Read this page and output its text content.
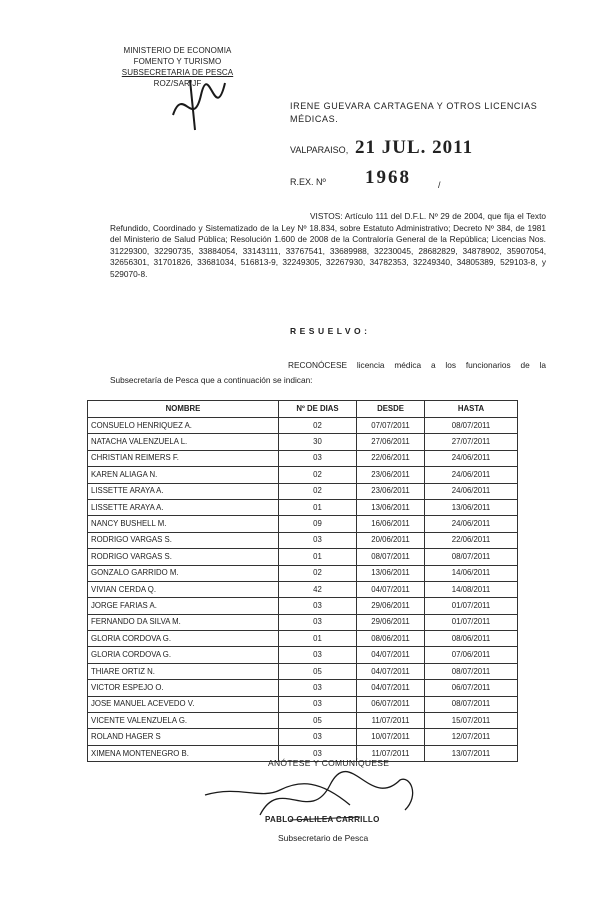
MINISTERIO DE ECONOMIA
FOMENTO Y TURISMO
SUBSECRETARIA DE PESCA
ROZ/SAR/JF
IRENE GUEVARA CARTAGENA Y OTROS LICENCIAS MÉDICAS.
VALPARAISO, 21 JUL. 2011
R.EX. Nº 1968	/

VISTOS: Artículo 111 del D.F.L. Nº 29 de 2004, que fija el Texto Refundido, Coordinado y Sistematizado de la Ley Nº 18.834, sobre Estatuto Administrativo; Decreto Nº 384, de 1981 del Ministerio de Salud Pública; Resolución 1.600 de 2008 de la Contraloría General de la República; Licencias Nos. 31229300, 32290735, 33884054, 33143111, 33767541, 33689988, 32230045, 28682829, 34878902, 35907054, 32656301, 31701826, 33681034, 516813-9, 32249305, 32267930, 34782353, 32249340, 34805389, 529103-8, y 529070-8.

RESUELVO:

RECONÓCESE licencia médica a los funcionarios de la Subsecretaría de Pesca que a continuación se indican:

NOMBRE	Nº DE DIAS	DESDE	HASTA
CONSUELO HENRIQUEZ A.	02	07/07/2011	08/07/2011
NATACHA VALENZUELA L.	30	27/06/2011	27/07/2011
CHRISTIAN REIMERS F.	03	22/06/2011	24/06/2011
KAREN ALIAGA N.	02	23/06/2011	24/06/2011
LISSETTE ARAYA A.	02	23/06/2011	24/06/2011
LISSETTE ARAYA A.	01	13/06/2011	13/06/2011
NANCY BUSHELL M.	09	16/06/2011	24/06/2011
RODRIGO VARGAS S.	03	20/06/2011	22/06/2011
RODRIGO VARGAS S.	01	08/07/2011	08/07/2011
GONZALO GARRIDO M.	02	13/06/2011	14/06/2011
VIVIAN CERDA Q.	42	04/07/2011	14/08/2011
JORGE FARIAS A.	03	29/06/2011	01/07/2011
FERNANDO DA SILVA M.	03	29/06/2011	01/07/2011
GLORIA CORDOVA G.	01	08/06/2011	08/06/2011
GLORIA CORDOVA G.	03	04/07/2011	07/06/2011
THIARE ORTIZ N.	05	04/07/2011	08/07/2011
VICTOR ESPEJO O.	03	04/07/2011	06/07/2011
JOSE MANUEL ACEVEDO V.	03	06/07/2011	08/07/2011
VICENTE VALENZUELA G.	05	11/07/2011	15/07/2011
ROLAND HAGER S	03	10/07/2011	12/07/2011
XIMENA MONTENEGRO B.	03	11/07/2011	13/07/2011
ANÓTESE Y COMUNÍQUESE
PABLO GALILEA CARRILLO
Subsecretario de Pesca
